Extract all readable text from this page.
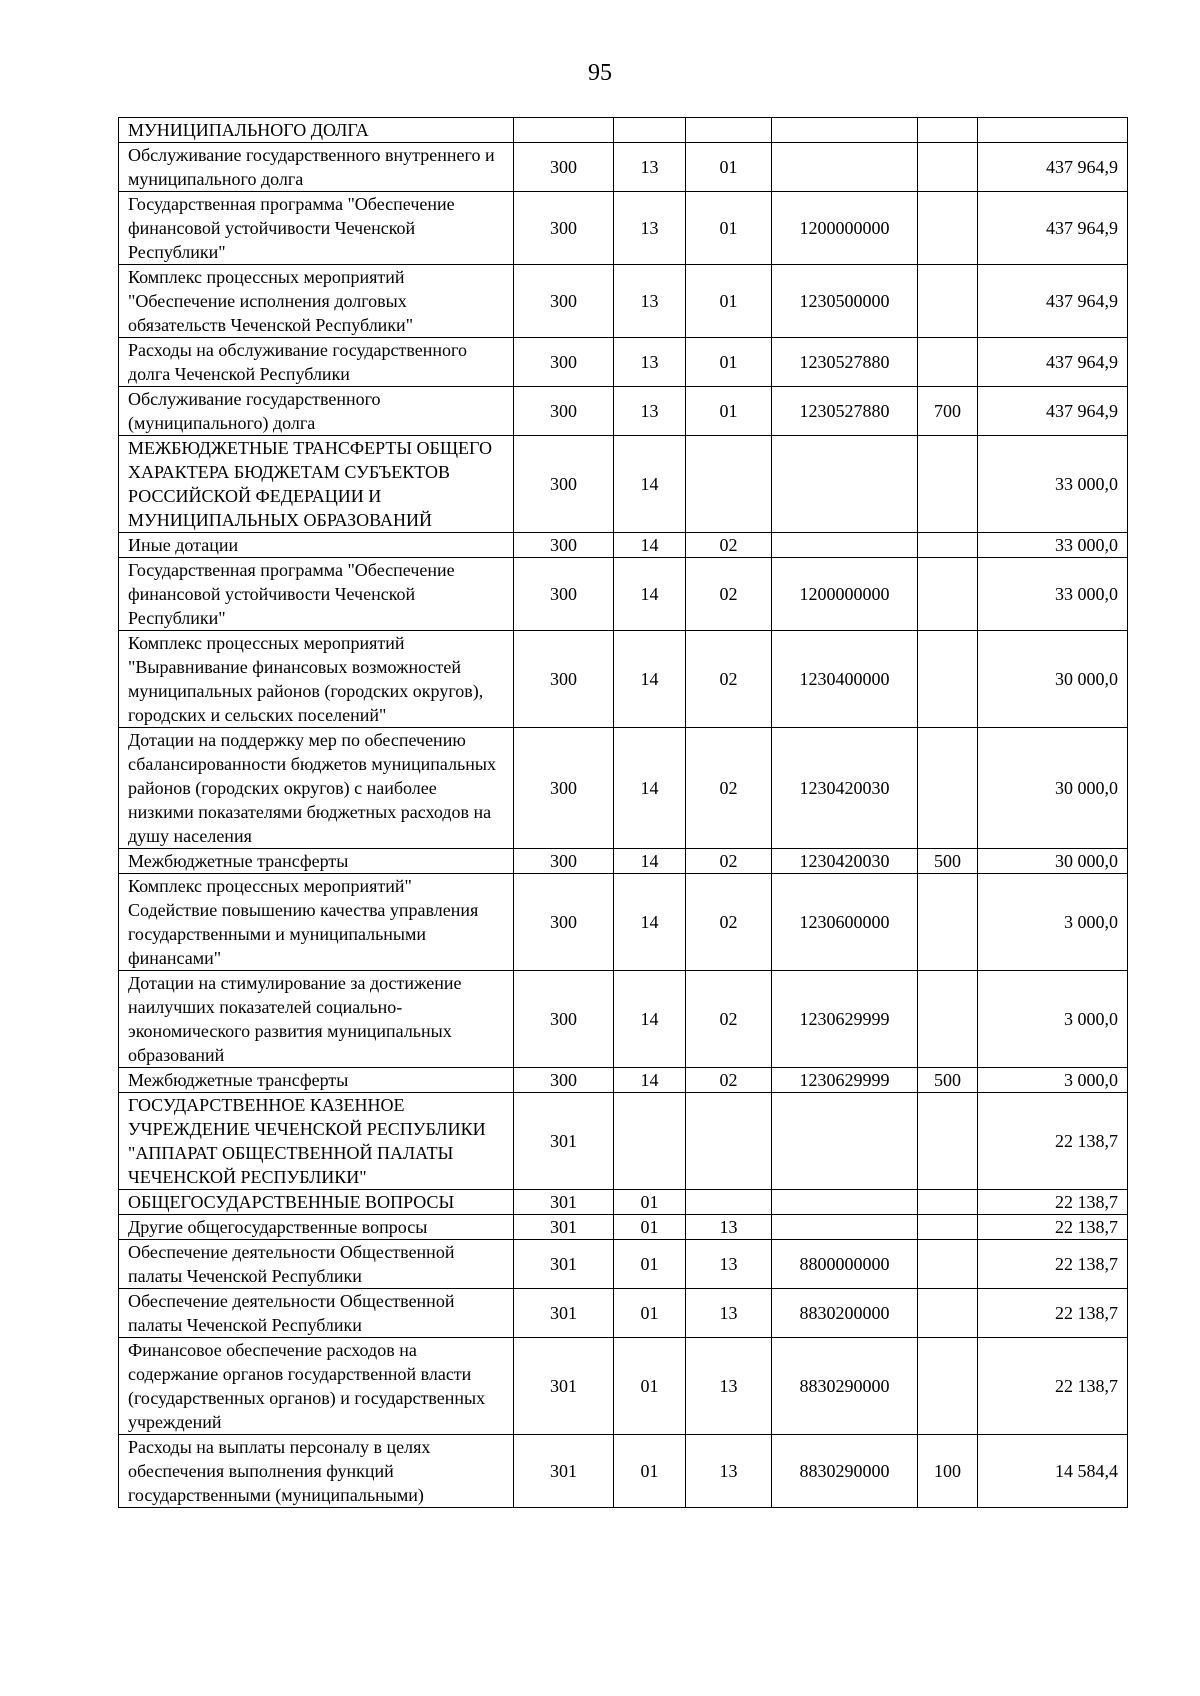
95
МУНИЦИПАЛЬНОГО ДОЛГА						
Обслуживание государственного внутреннего и муниципального долга	300	13	01			437 964,9
Государственная программа "Обеспечение финансовой устойчивости Чеченской Республики"	300	13	01	1200000000		437 964,9
Комплекс процессных мероприятий "Обеспечение исполнения долговых обязательств Чеченской Республики"	300	13	01	1230500000		437 964,9
Расходы на обслуживание государственного долга Чеченской Республики	300	13	01	1230527880		437 964,9
Обслуживание государственного (муниципального) долга	300	13	01	1230527880	700	437 964,9
МЕЖБЮДЖЕТНЫЕ ТРАНСФЕРТЫ ОБЩЕГО ХАРАКТЕРА БЮДЖЕТАМ СУБЪЕКТОВ РОССИЙСКОЙ ФЕДЕРАЦИИ И МУНИЦИПАЛЬНЫХ ОБРАЗОВАНИЙ	300	14				33 000,0
Иные дотации	300	14	02			33 000,0
Государственная программа "Обеспечение финансовой устойчивости Чеченской Республики"	300	14	02	1200000000		33 000,0
Комплекс процессных мероприятий "Выравнивание финансовых возможностей муниципальных районов (городских округов), городских и сельских поселений"	300	14	02	1230400000		30 000,0
Дотации на поддержку мер по обеспечению сбалансированности бюджетов муниципальных районов (городских округов) с наиболее низкими показателями бюджетных расходов на душу населения	300	14	02	1230420030		30 000,0
Межбюджетные трансферты	300	14	02	1230420030	500	30 000,0
Комплекс процессных мероприятий" Содействие повышению качества управления государственными и муниципальными финансами"	300	14	02	1230600000		3 000,0
Дотации на стимулирование за достижение наилучших показателей социально-экономического развития муниципальных образований	300	14	02	1230629999		3 000,0
Межбюджетные трансферты	300	14	02	1230629999	500	3 000,0
ГОСУДАРСТВЕННОЕ КАЗЕННОЕ УЧРЕЖДЕНИЕ ЧЕЧЕНСКОЙ РЕСПУБЛИКИ "АППАРАТ ОБЩЕСТВЕННОЙ ПАЛАТЫ ЧЕЧЕНСКОЙ РЕСПУБЛИКИ"	301					22 138,7
ОБЩЕГОСУДАРСТВЕННЫЕ ВОПРОСЫ	301	01				22 138,7
Другие общегосударственные вопросы	301	01	13			22 138,7
Обеспечение деятельности Общественной палаты Чеченской Республики	301	01	13	8800000000		22 138,7
Обеспечение деятельности Общественной палаты Чеченской Республики	301	01	13	8830200000		22 138,7
Финансовое обеспечение расходов на содержание органов государственной власти (государственных органов) и государственных учреждений	301	01	13	8830290000		22 138,7
Расходы на выплаты персоналу в целях обеспечения выполнения функций государственными (муниципальными)	301	01	13	8830290000	100	14 584,4
